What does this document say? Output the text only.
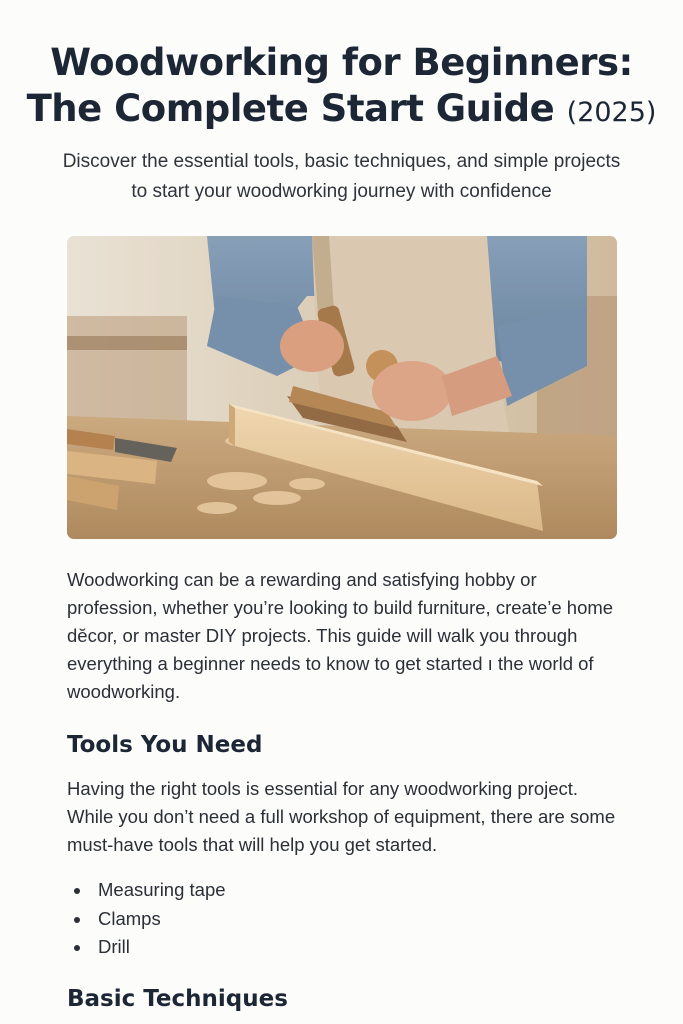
Woodworking for Beginners:
The Complete Start Guide (2025)

Discover the essential tools, basic techniques, and simple projects to start your woodworking journey with confidence

Woodworking can be a rewarding and satisfying hobby or profession, whether you’re looking to build furniture, create’e home dĕcor, or master DIY projects. This guide will walk you through everything a beginner needs to know to get started ı the world of woodworking.

Tools You Need

Having the right tools is essential for any woodworking project. While you don’t need a full workshop of equipment, there are some must-have tools that will help you get started.

Measuring tape
Clamps
Drill
Basic Techniques
